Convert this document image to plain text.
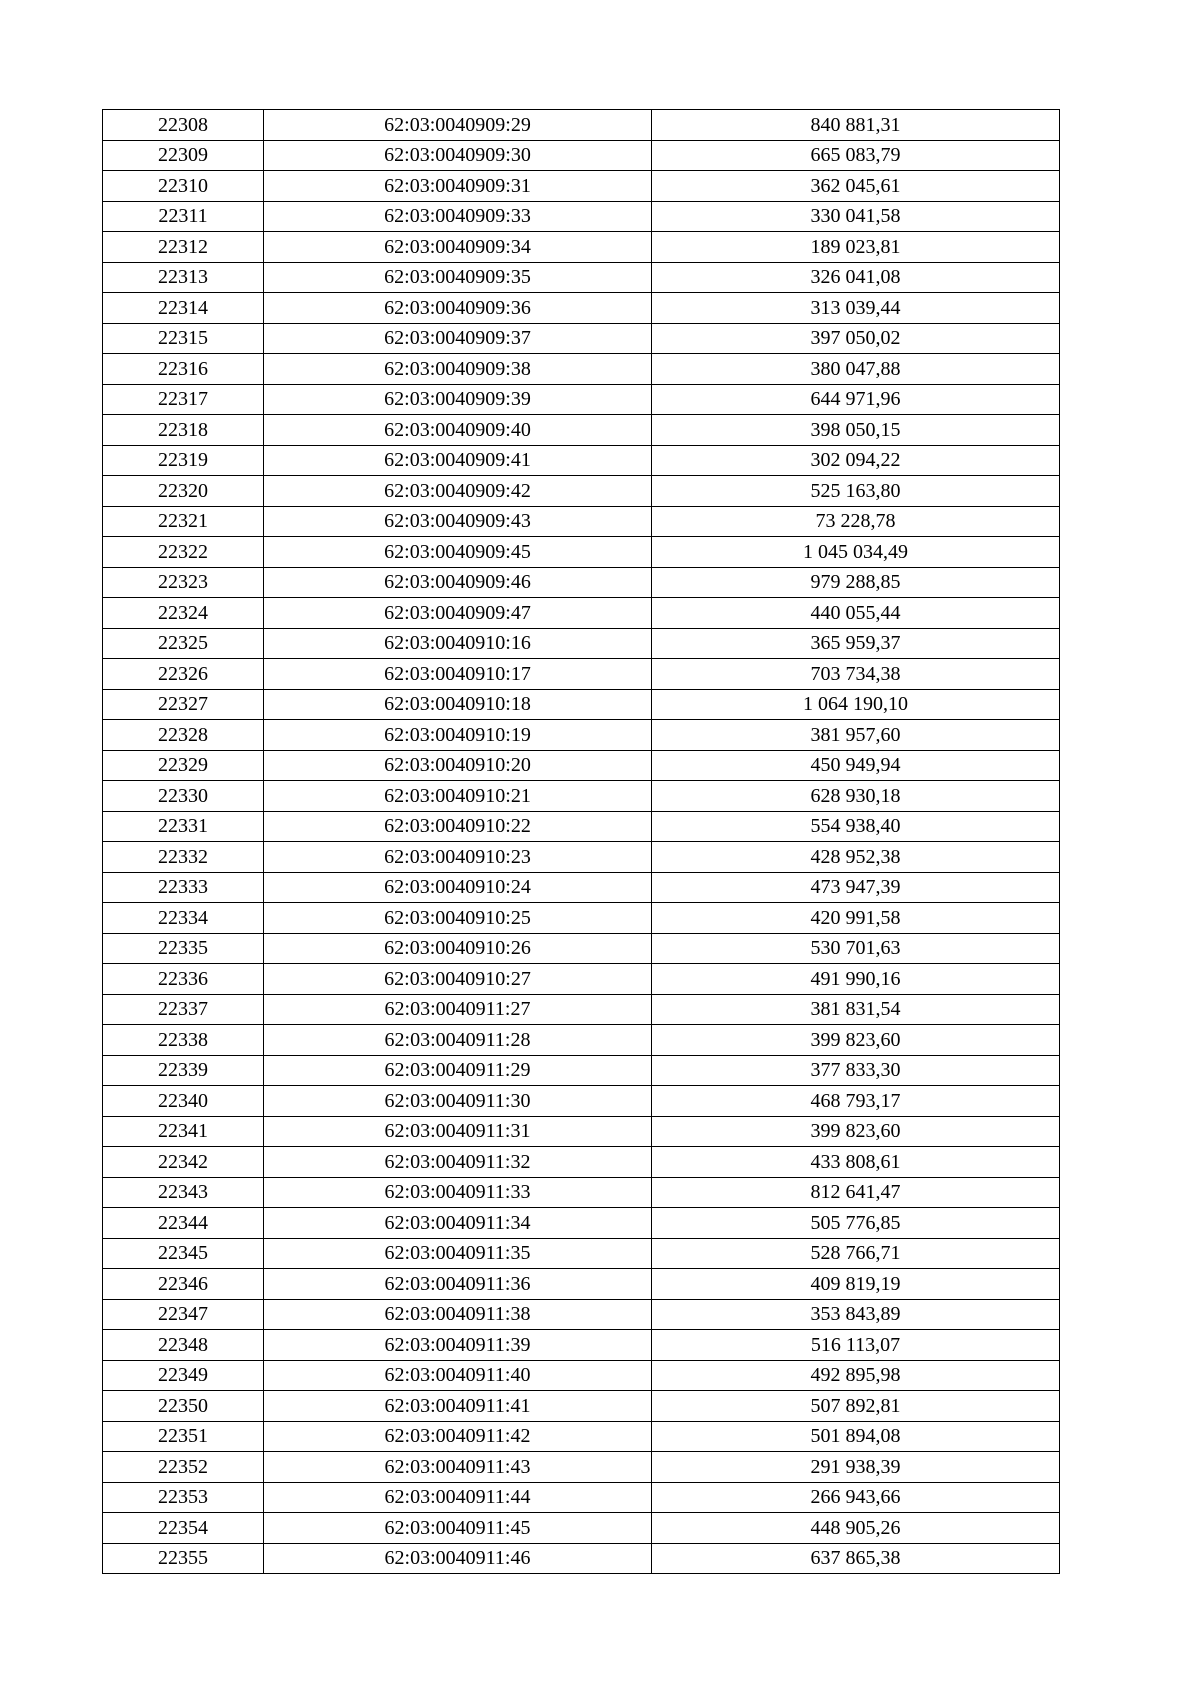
22308	62:03:0040909:29	840 881,31
22309	62:03:0040909:30	665 083,79
22310	62:03:0040909:31	362 045,61
22311	62:03:0040909:33	330 041,58
22312	62:03:0040909:34	189 023,81
22313	62:03:0040909:35	326 041,08
22314	62:03:0040909:36	313 039,44
22315	62:03:0040909:37	397 050,02
22316	62:03:0040909:38	380 047,88
22317	62:03:0040909:39	644 971,96
22318	62:03:0040909:40	398 050,15
22319	62:03:0040909:41	302 094,22
22320	62:03:0040909:42	525 163,80
22321	62:03:0040909:43	73 228,78
22322	62:03:0040909:45	1 045 034,49
22323	62:03:0040909:46	979 288,85
22324	62:03:0040909:47	440 055,44
22325	62:03:0040910:16	365 959,37
22326	62:03:0040910:17	703 734,38
22327	62:03:0040910:18	1 064 190,10
22328	62:03:0040910:19	381 957,60
22329	62:03:0040910:20	450 949,94
22330	62:03:0040910:21	628 930,18
22331	62:03:0040910:22	554 938,40
22332	62:03:0040910:23	428 952,38
22333	62:03:0040910:24	473 947,39
22334	62:03:0040910:25	420 991,58
22335	62:03:0040910:26	530 701,63
22336	62:03:0040910:27	491 990,16
22337	62:03:0040911:27	381 831,54
22338	62:03:0040911:28	399 823,60
22339	62:03:0040911:29	377 833,30
22340	62:03:0040911:30	468 793,17
22341	62:03:0040911:31	399 823,60
22342	62:03:0040911:32	433 808,61
22343	62:03:0040911:33	812 641,47
22344	62:03:0040911:34	505 776,85
22345	62:03:0040911:35	528 766,71
22346	62:03:0040911:36	409 819,19
22347	62:03:0040911:38	353 843,89
22348	62:03:0040911:39	516 113,07
22349	62:03:0040911:40	492 895,98
22350	62:03:0040911:41	507 892,81
22351	62:03:0040911:42	501 894,08
22352	62:03:0040911:43	291 938,39
22353	62:03:0040911:44	266 943,66
22354	62:03:0040911:45	448 905,26
22355	62:03:0040911:46	637 865,38
